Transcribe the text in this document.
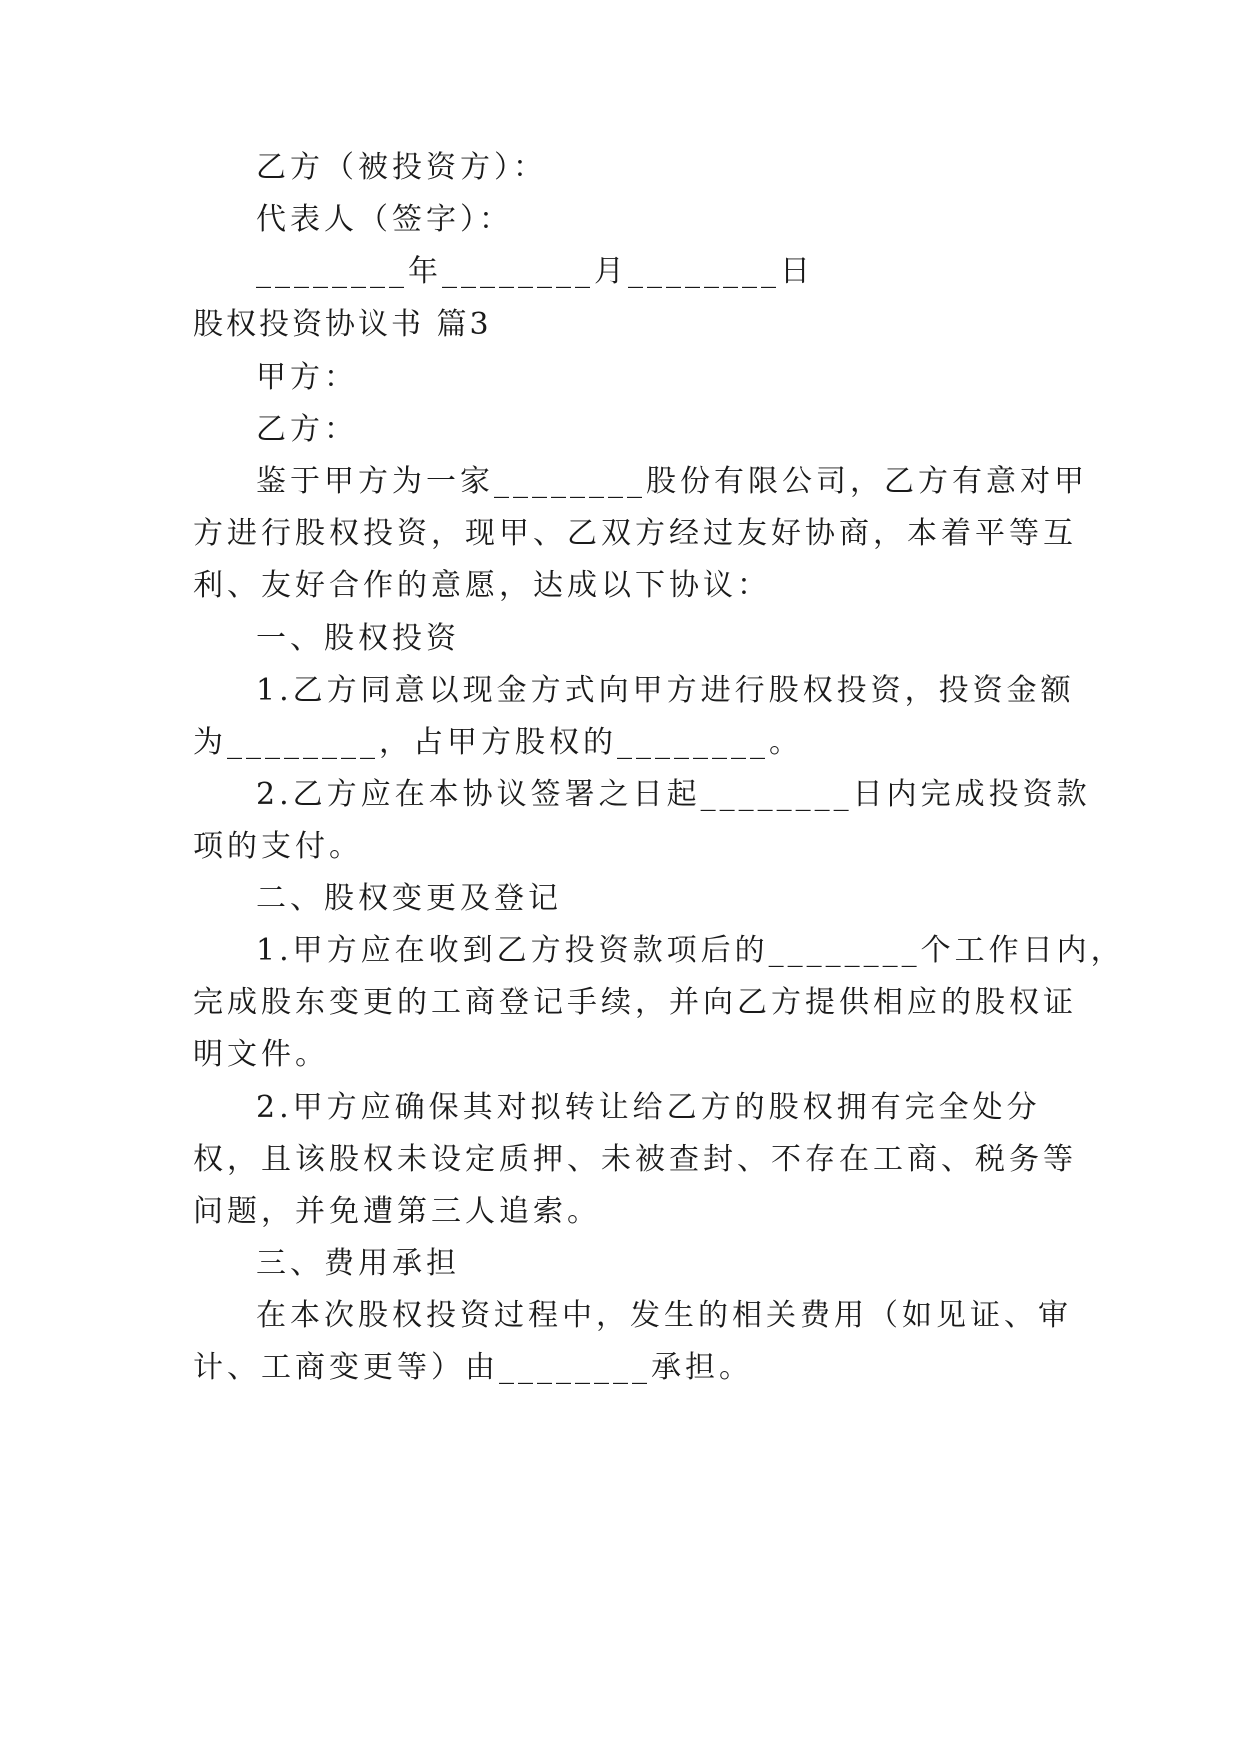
乙方（被投资方）：
代表人（签字）：
________年________月________日
股权投资协议书 篇3
甲方：
乙方：
鉴于甲方为一家________股份有限公司，乙方有意对甲
方进行股权投资，现甲、乙双方经过友好协商，本着平等互
利、友好合作的意愿，达成以下协议：
一、股权投资
1.乙方同意以现金方式向甲方进行股权投资，投资金额
为________，占甲方股权的________。
2.乙方应在本协议签署之日起________日内完成投资款
项的支付。
二、股权变更及登记
1.甲方应在收到乙方投资款项后的________个工作日内，
完成股东变更的工商登记手续，并向乙方提供相应的股权证
明文件。
2.甲方应确保其对拟转让给乙方的股权拥有完全处分
权，且该股权未设定质押、未被查封、不存在工商、税务等
问题，并免遭第三人追索。
三、费用承担
在本次股权投资过程中，发生的相关费用（如见证、审
计、工商变更等）由________承担。
